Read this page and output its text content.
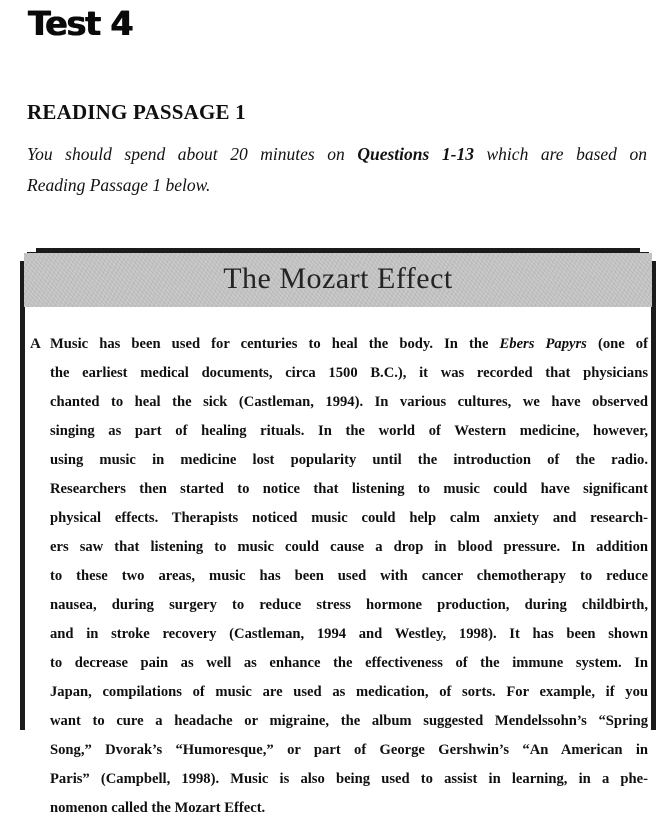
Test 4
READING PASSAGE 1
You should spend about 20 minutes on Questions 1-13 which are based on
Reading Passage 1 below.
The Mozart Effect
A Music has been used for centuries to heal the body. In the Ebers Papyrs (one of
the earliest medical documents, circa 1500 B.C.), it was recorded that physicians
chanted to heal the sick (Castleman, 1994). In various cultures, we have observed
singing as part of healing rituals. In the world of Western medicine, however,
using music in medicine lost popularity until the introduction of the radio.
Researchers then started to notice that listening to music could have significant
physical effects. Therapists noticed music could help calm anxiety and research-
ers saw that listening to music could cause a drop in blood pressure. In addition
to these two areas, music has been used with cancer chemotherapy to reduce
nausea, during surgery to reduce stress hormone production, during childbirth,
and in stroke recovery (Castleman, 1994 and Westley, 1998). It has been shown
to decrease pain as well as enhance the effectiveness of the immune system. In
Japan, compilations of music are used as medication, of sorts. For example, if you
want to cure a headache or migraine, the album suggested Mendelssohn’s “Spring
Song,” Dvorak’s “Humoresque,” or part of George Gershwin’s “An American in
Paris” (Campbell, 1998). Music is also being used to assist in learning, in a phe-
nomenon called the Mozart Effect.
